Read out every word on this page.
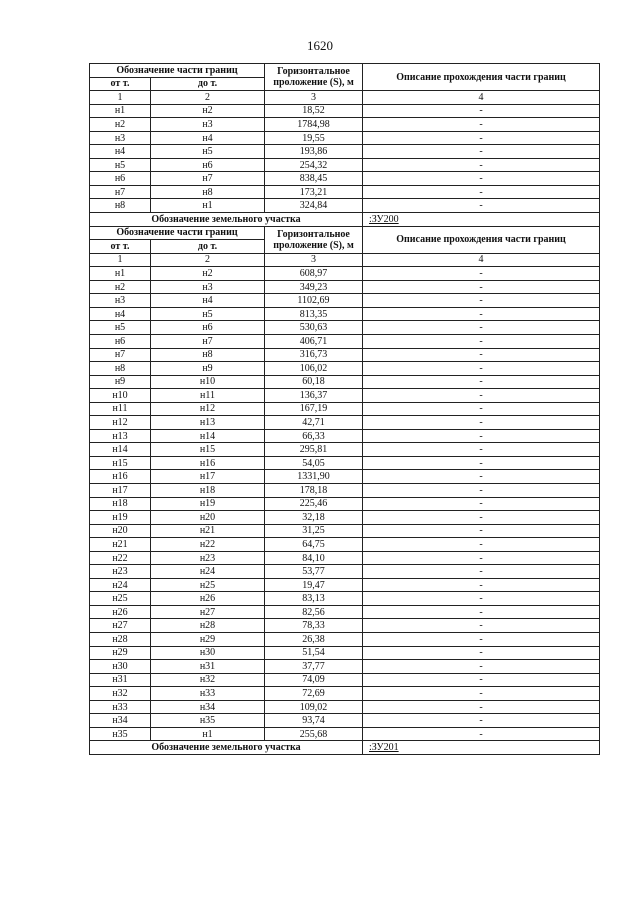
1620
Обозначение части границ		Горизонтальное проложение (S), м	Описание прохождения части границ
от т.	до т.		
1	2	3	4
н1	н2	18,52	-
н2	н3	1784,98	-
н3	н4	19,55	-
н4	н5	193,86	-
н5	н6	254,32	-
н6	н7	838,45	-
н7	н8	173,21	-
н8	н1	324,84	-
Обозначение земельного участка			:ЗУ200
Обозначение части границ		Горизонтальное проложение (S), м	Описание прохождения части границ
от т.	до т.		
1	2	3	4
н1	н2	608,97	-
н2	н3	349,23	-
н3	н4	1102,69	-
н4	н5	813,35	-
н5	н6	530,63	-
н6	н7	406,71	-
н7	н8	316,73	-
н8	н9	106,02	-
н9	н10	60,18	-
н10	н11	136,37	-
н11	н12	167,19	-
н12	н13	42,71	-
н13	н14	66,33	-
н14	н15	295,81	-
н15	н16	54,05	-
н16	н17	1331,90	-
н17	н18	178,18	-
н18	н19	225,46	-
н19	н20	32,18	-
н20	н21	31,25	-
н21	н22	64,75	-
н22	н23	84,10	-
н23	н24	53,77	-
н24	н25	19,47	-
н25	н26	83,13	-
н26	н27	82,56	-
н27	н28	78,33	-
н28	н29	26,38	-
н29	н30	51,54	-
н30	н31	37,77	-
н31	н32	74,09	-
н32	н33	72,69	-
н33	н34	109,02	-
н34	н35	93,74	-
н35	н1	255,68	-
Обозначение земельного участка			:ЗУ201
